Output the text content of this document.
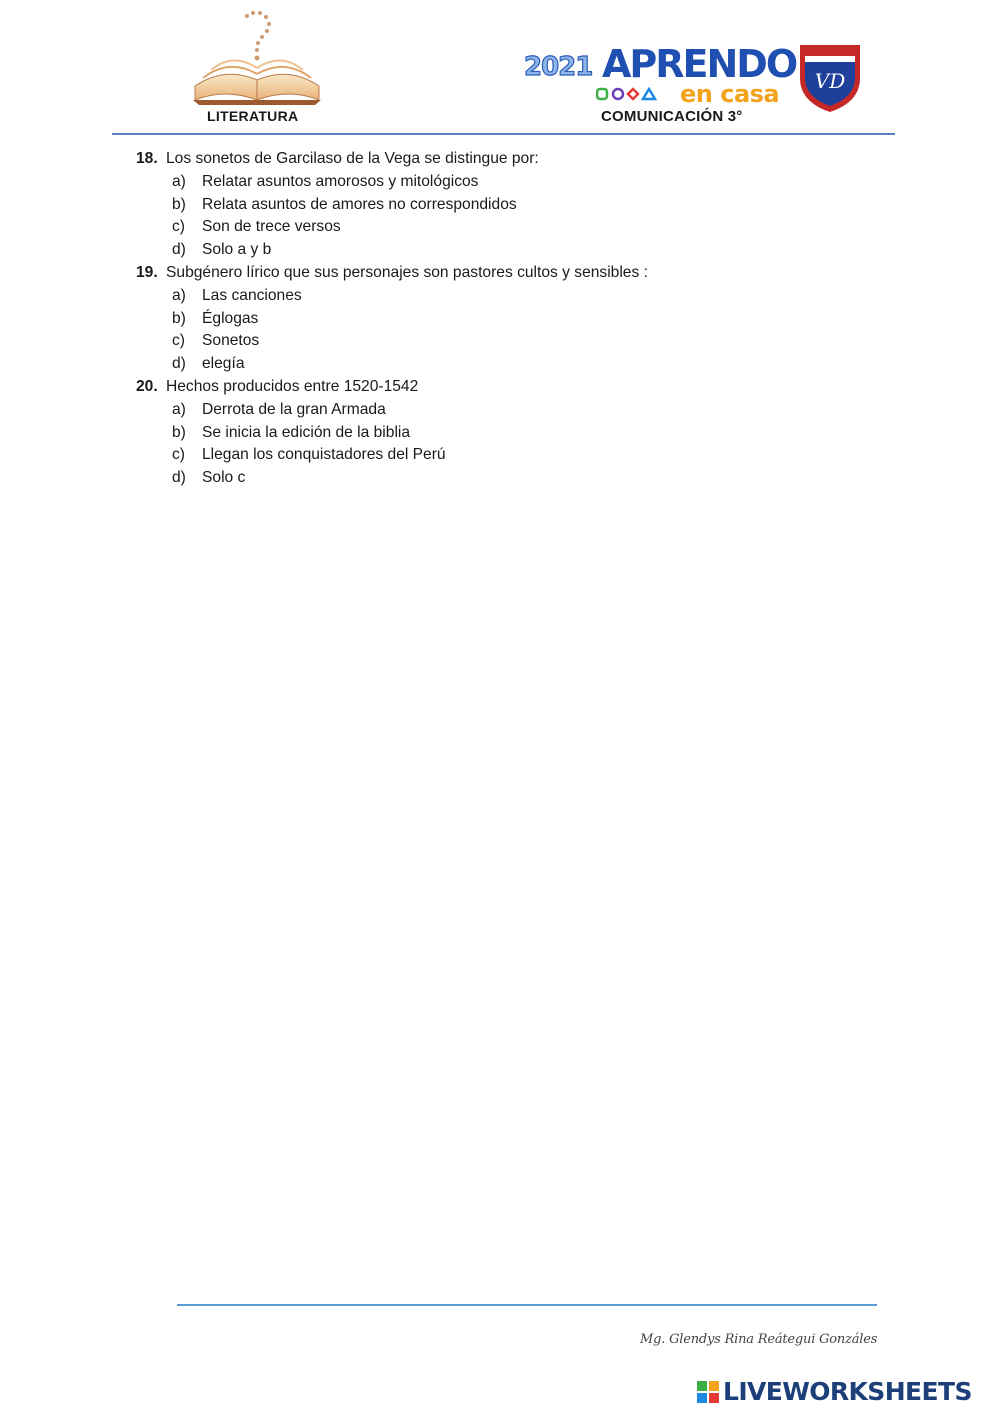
LITERATURA
2021 APRENDO
en casa
COMUNICACIÓN 3°
VD
18. Los sonetos de Garcilaso de la Vega se distingue por:
a)	Relatar asuntos amorosos y mitológicos
b)	Relata asuntos de amores no correspondidos
c)	Son de trece versos
d)	Solo a y b
19. Subgénero lírico que sus personajes son pastores cultos y sensibles :
a)	Las canciones
b)	Églogas
c)	Sonetos
d)	elegía
20. Hechos producidos entre 1520-1542
a)	Derrota de la gran Armada
b)	Se inicia la edición de la biblia
c)	Llegan los conquistadores del Perú
d)	Solo c
Mg. Glendys Rina Reátegui Gonzáles
LIVEWORKSHEETS
